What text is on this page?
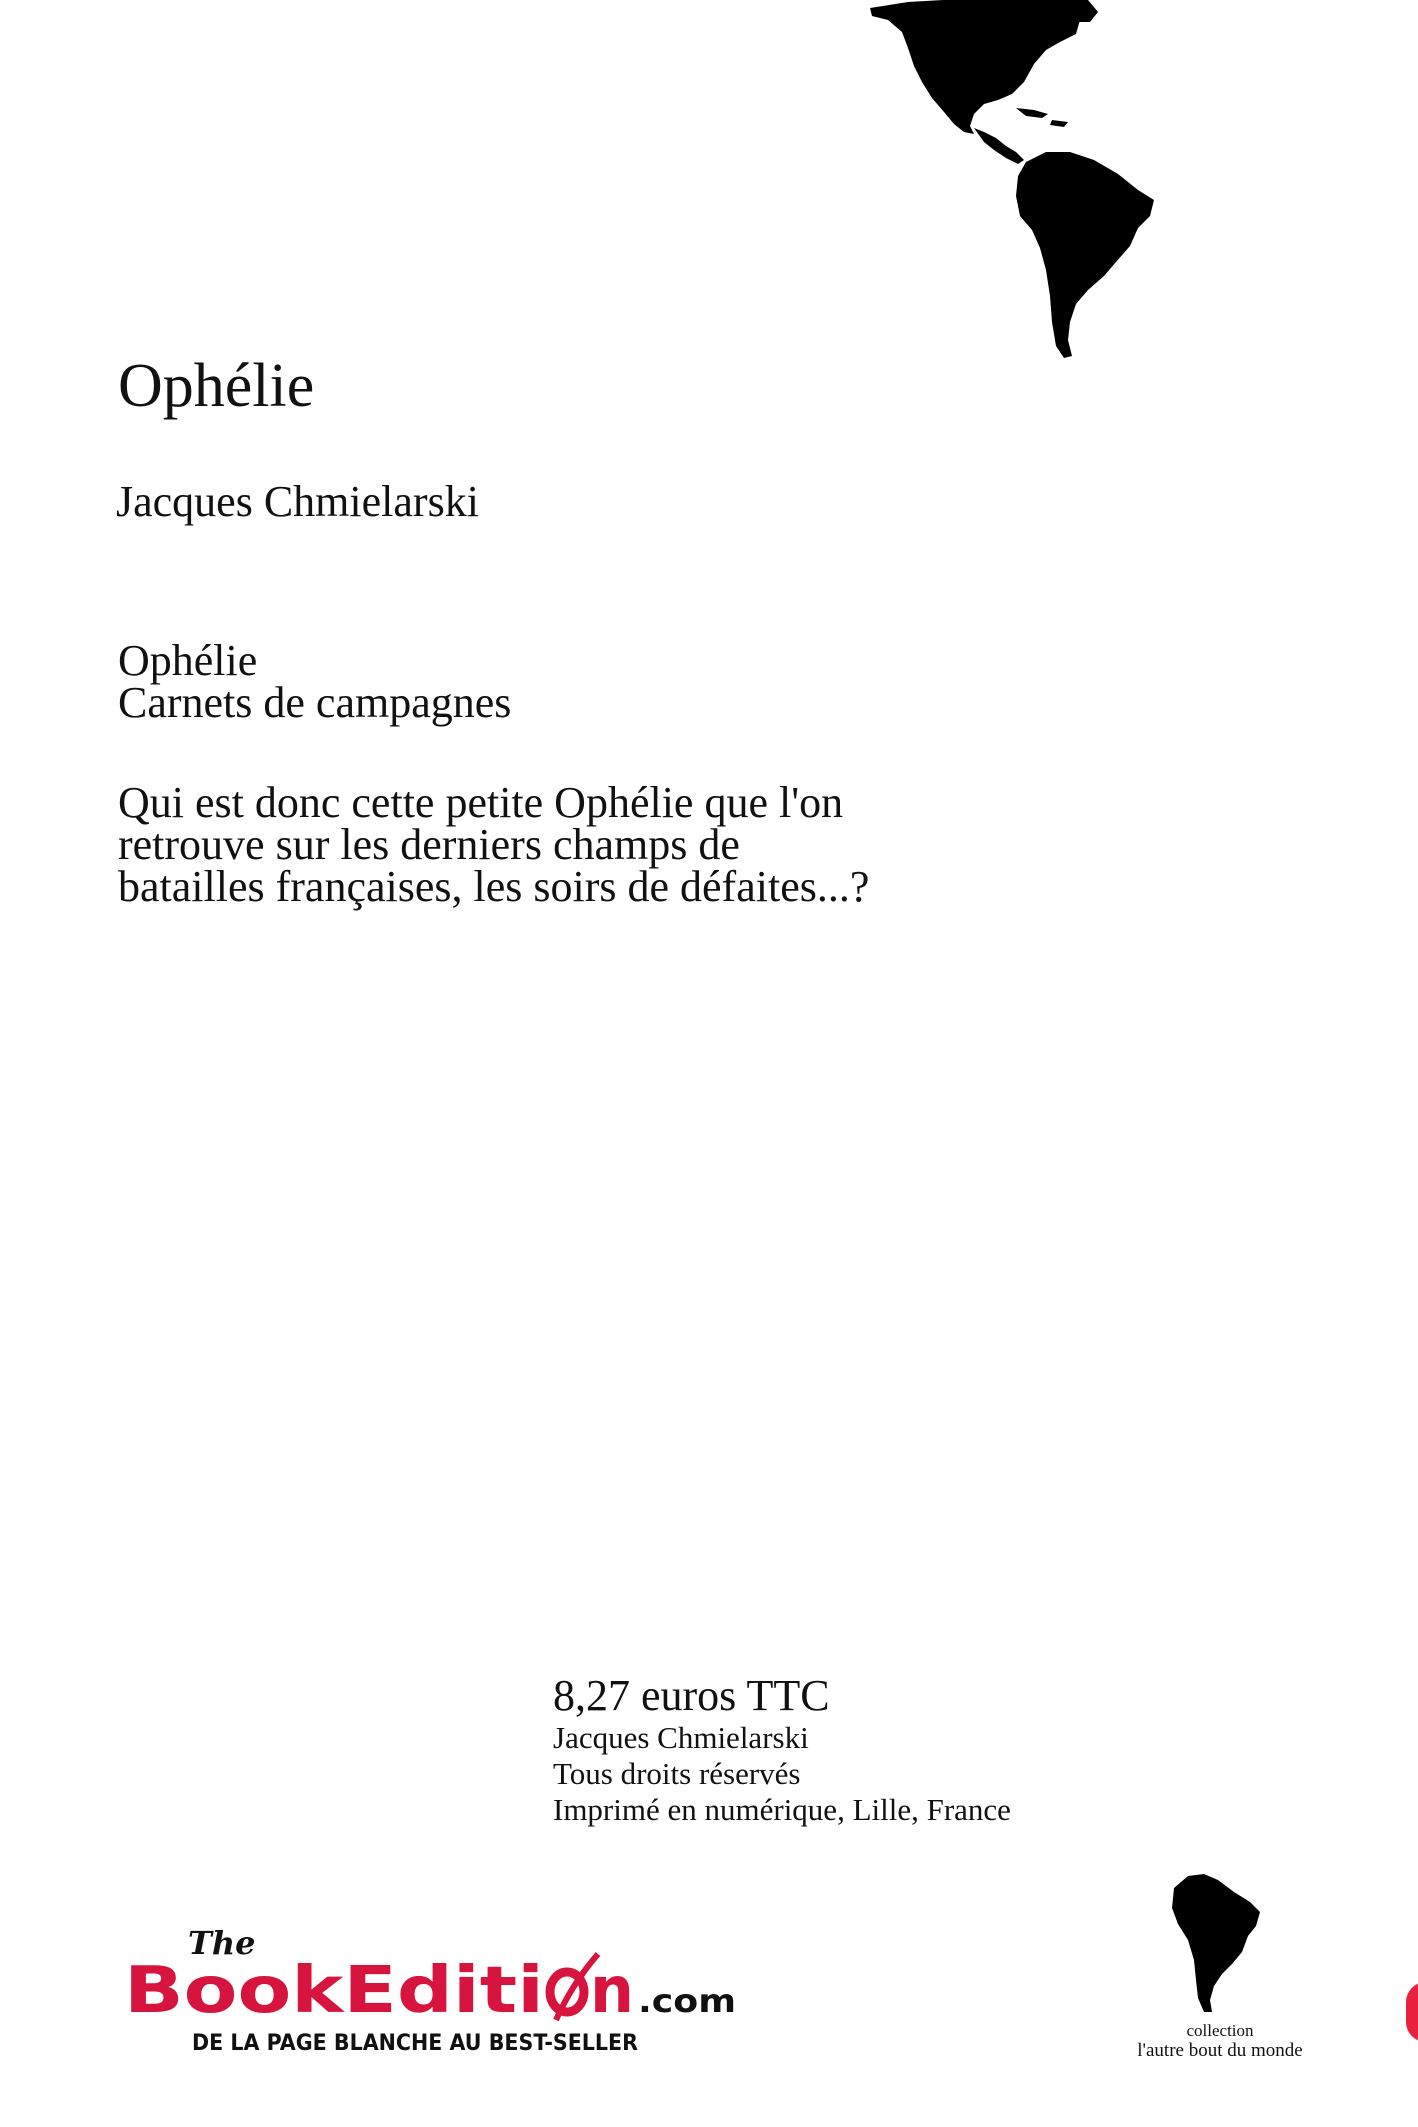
Ophélie
Jacques Chmielarski
Ophélie
Carnets de campagnes
Qui est donc cette petite Ophélie que l'on
retrouve sur les derniers champs de
batailles françaises, les soirs de défaites...?
8,27 euros TTC
Jacques Chmielarski
Tous droits réservés
Imprimé en numérique, Lille, France
The
BookEditi n .com
DE LA PAGE BLANCHE AU BEST-SELLER
collection
l'autre bout du monde
